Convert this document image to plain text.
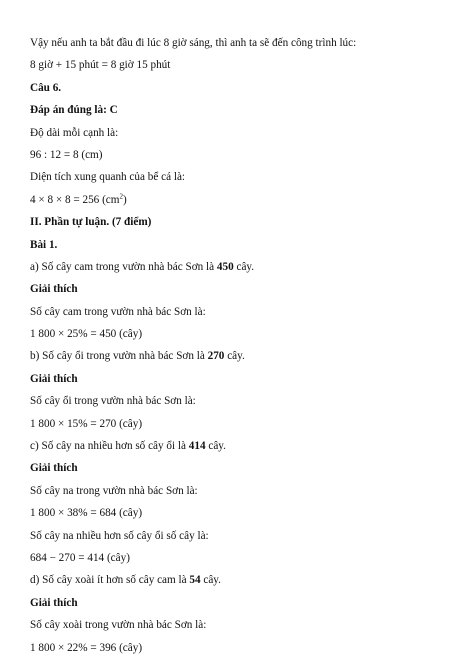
Vậy nếu anh ta bắt đầu đi lúc 8 giờ sáng, thì anh ta sẽ đến công trình lúc:
8 giờ + 15 phút = 8 giờ 15 phút
Câu 6.
Đáp án đúng là: C
Độ dài mỗi cạnh là:
96 : 12 = 8 (cm)
Diện tích xung quanh của bể cá là:
4 × 8 × 8 = 256 $(cm^2)$
II. Phần tự luận. (7 điểm)
Bài 1.
a) Số cây cam trong vườn nhà bác Sơn là 450 cây.
Giải thích
Số cây cam trong vườn nhà bác Sơn là:
1 800 × 25% = 450 (cây)
b) Số cây ổi trong vườn nhà bác Sơn là 270 cây.
Giải thích
Số cây ổi trong vườn nhà bác Sơn là:
1 800 × 15% = 270 (cây)
c) Số cây na nhiều hơn số cây ổi là 414 cây.
Giải thích
Số cây na trong vườn nhà bác Sơn là:
1 800 × 38% = 684 (cây)
Số cây na nhiều hơn số cây ổi số cây là:
684 − 270 = 414 (cây)
d) Số cây xoài ít hơn số cây cam là 54 cây.
Giải thích
Số cây xoài trong vườn nhà bác Sơn là:
1 800 × 22% = 396 (cây)
